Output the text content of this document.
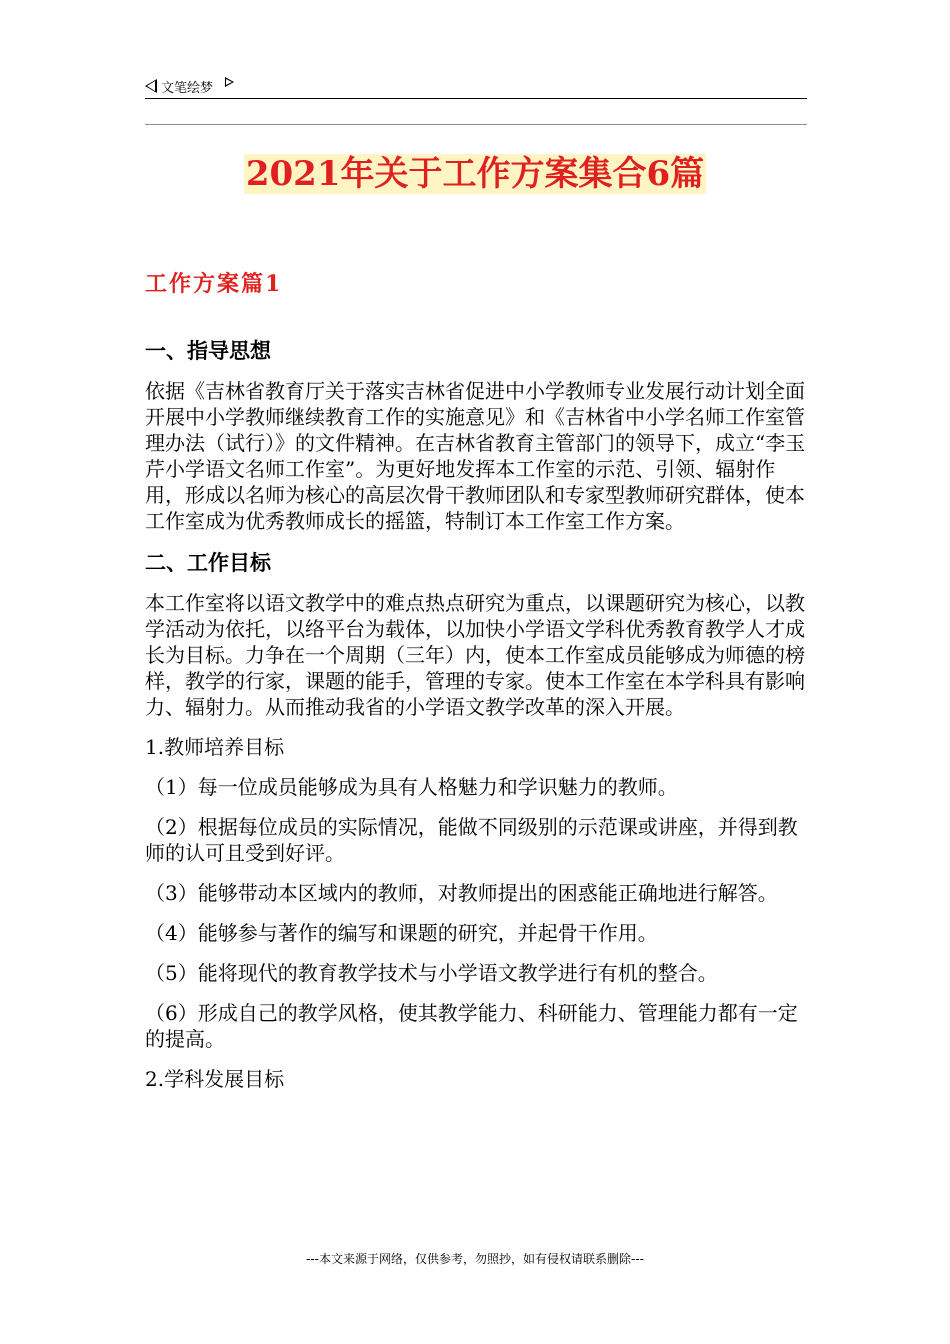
文笔绘梦
2021年关于工作方案集合6篇
工作方案篇1
一、指导思想

依据《吉林省教育厅关于落实吉林省促进中小学教师专业发展行动计划全面开展中小学教师继续教育工作的实施意见》和《吉林省中小学名师工作室管理办法（试行）》的文件精神。在吉林省教育主管部门的领导下，成立“李玉芹小学语文名师工作室”。为更好地发挥本工作室的示范、引领、辐射作用，形成以名师为核心的高层次骨干教师团队和专家型教师研究群体，使本工作室成为优秀教师成长的摇篮，特制订本工作室工作方案。

二、工作目标

本工作室将以语文教学中的难点热点研究为重点，以课题研究为核心，以教学活动为依托，以络平台为载体，以加快小学语文学科优秀教育教学人才成长为目标。力争在一个周期（三年）内，使本工作室成员能够成为师德的榜样，教学的行家，课题的能手，管理的专家。使本工作室在本学科具有影响力、辐射力。从而推动我省的小学语文教学改革的深入开展。

1.教师培养目标

（1）每一位成员能够成为具有人格魅力和学识魅力的教师。

（2）根据每位成员的实际情况，能做不同级别的示范课或讲座，并得到教师的认可且受到好评。

（3）能够带动本区域内的教师，对教师提出的困惑能正确地进行解答。

（4）能够参与著作的编写和课题的研究，并起骨干作用。

（5）能将现代的教育教学技术与小学语文教学进行有机的整合。

（6）形成自己的教学风格，使其教学能力、科研能力、管理能力都有一定的提高。

2.学科发展目标

---本文来源于网络，仅供参考，勿照抄，如有侵权请联系删除---
